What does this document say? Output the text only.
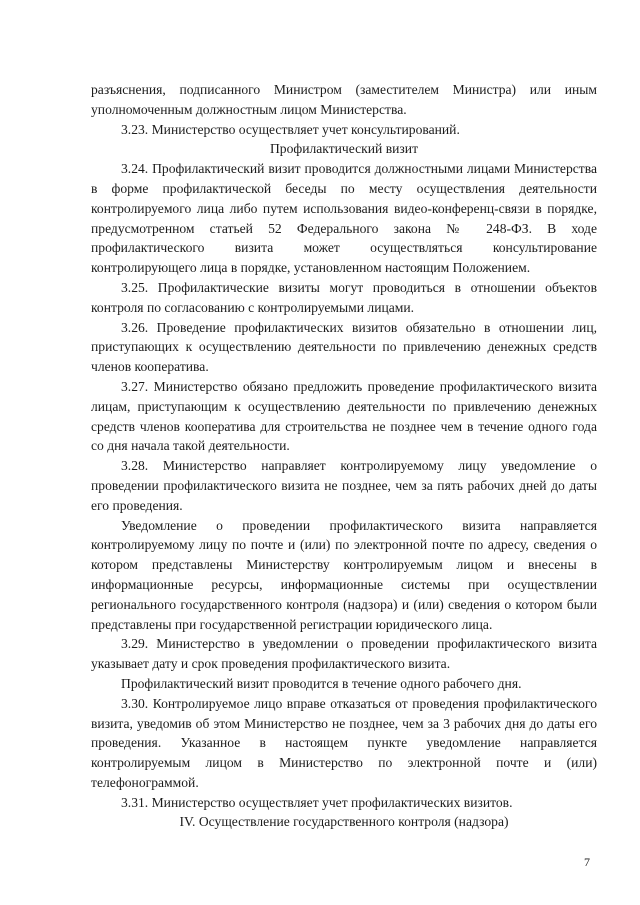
разъяснения, подписанного Министром (заместителем Министра) или иным уполномоченным должностным лицом Министерства.

3.23. Министерство осуществляет учет консультирований.

Профилактический визит

3.24. Профилактический визит проводится должностными лицами Министерства в форме профилактической беседы по месту осуществления деятельности контролируемого лица либо путем использования видео-конференц-связи в порядке, предусмотренном статьей 52 Федерального закона № 248-ФЗ. В ходе профилактического визита может осуществляться консультирование контролирующего лица в порядке, установленном настоящим Положением.

3.25. Профилактические визиты могут проводиться в отношении объектов контроля по согласованию с контролируемыми лицами.

3.26. Проведение профилактических визитов обязательно в отношении лиц, приступающих к осуществлению деятельности по привлечению денежных средств членов кооператива.

3.27. Министерство обязано предложить проведение профилактического визита лицам, приступающим к осуществлению деятельности по привлечению денежных средств членов кооператива для строительства не позднее чем в течение одного года со дня начала такой деятельности.

3.28. Министерство направляет контролируемому лицу уведомление о проведении профилактического визита не позднее, чем за пять рабочих дней до даты его проведения.

Уведомление о проведении профилактического визита направляется контролируемому лицу по почте и (или) по электронной почте по адресу, сведения о котором представлены Министерству контролируемым лицом и внесены в информационные ресурсы, информационные системы при осуществлении регионального государственного контроля (надзора) и (или) сведения о котором были представлены при государственной регистрации юридического лица.

3.29. Министерство в уведомлении о проведении профилактического визита указывает дату и срок проведения профилактического визита.

Профилактический визит проводится в течение одного рабочего дня.

3.30. Контролируемое лицо вправе отказаться от проведения профилактического визита, уведомив об этом Министерство не позднее, чем за 3 рабочих дня до даты его проведения. Указанное в настоящем пункте уведомление направляется контролируемым лицом в Министерство по электронной почте и (или) телефонограммой.

3.31. Министерство осуществляет учет профилактических визитов.

IV. Осуществление государственного контроля (надзора)

7
